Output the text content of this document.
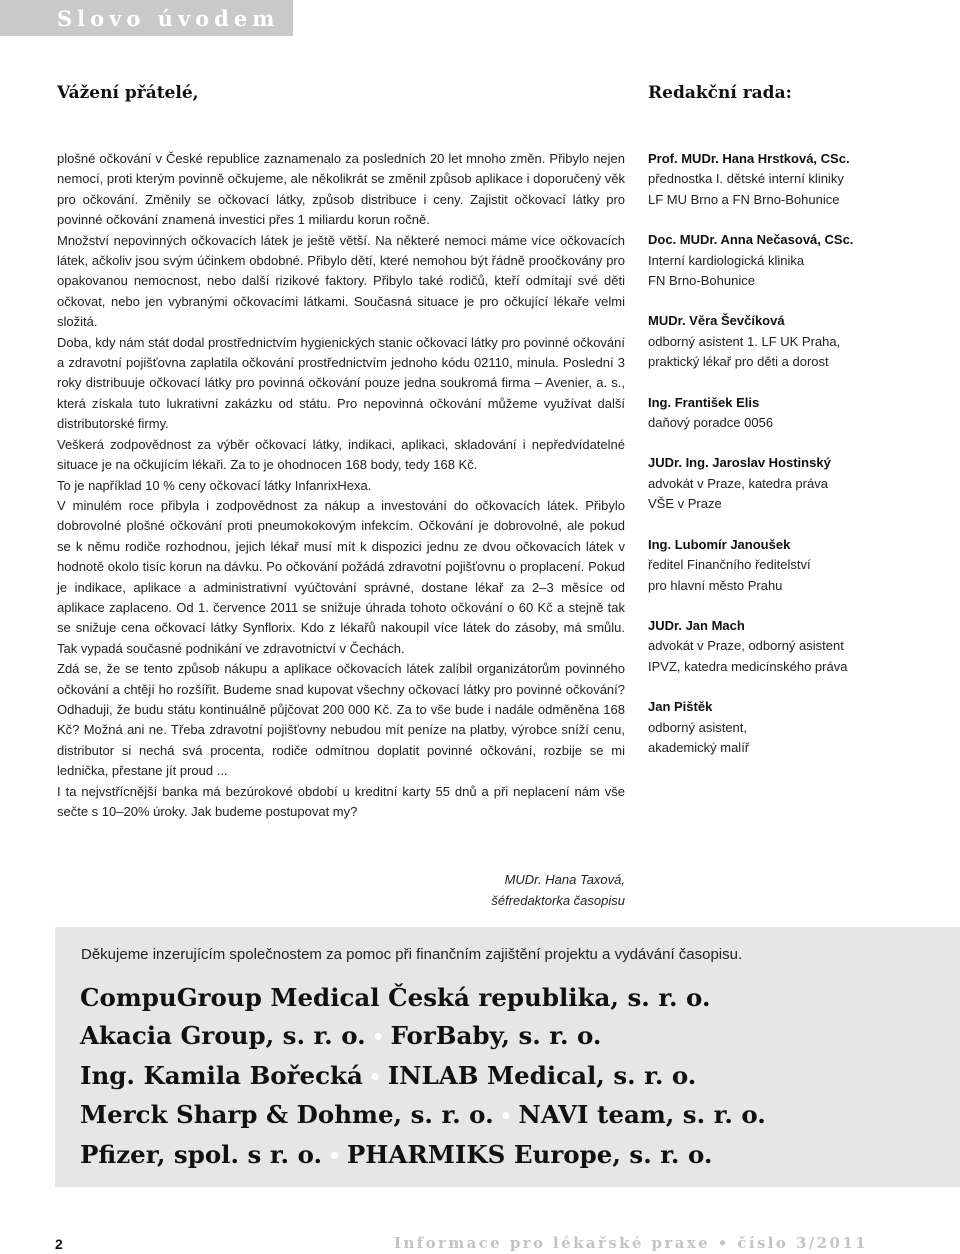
Slovo úvodem
Vážení přátelé,	Redakční rada:

plošné očkování v České republice zaznamenalo za posledních 20 let mnoho změn. Přibylo nejen nemocí, proti kterým povinně očkujeme, ale několikrát se změnil způsob aplikace i doporučený věk pro očkování. Změnily se očkovací látky, způsob distribuce i ceny. Zajistit očkovací látky pro povinné očkování znamená investici přes 1 miliardu korun ročně.

Množství nepovinných očkovacích látek je ještě větší. Na některé nemoci máme více očkovacích látek, ačkoliv jsou svým účinkem obdobné. Přibylo dětí, které nemohou být řádně proočkovány pro opakovanou nemocnost, nebo další rizikové faktory. Přibylo také rodičů, kteří odmítají své děti očkovat, nebo jen vybranými očkovacími látkami. Současná situace je pro očkující lékaře velmi složitá.

Doba, kdy nám stát dodal prostřednictvím hygienických stanic očkovací látky pro povinné očkování a zdravotní pojišťovna zaplatila očkování prostřednictvím jednoho kódu 02110, minula. Poslední 3 roky distribuuje očkovací látky pro povinná očkování pouze jedna soukromá firma – Avenier, a. s., která získala tuto lukrativní zakázku od státu. Pro nepovinná očkování můžeme využívat další distributorské firmy.

Veškerá zodpovědnost za výběr očkovací látky, indikaci, aplikaci, skladování i nepředvídatelné situace je na očkujícím lékaři. Za to je ohodnocen 168 body, tedy 168 Kč.

To je například 10 % ceny očkovací látky InfanrixHexa.

V minulém roce přibyla i zodpovědnost za nákup a investování do očkovacích látek. Přibylo dobrovolné plošné očkování proti pneumokokovým infekcím. Očkování je dobrovolné, ale pokud se k němu rodiče rozhodnou, jejich lékař musí mít k dispozici jednu ze dvou očkovacích látek v hodnotě okolo tisíc korun na dávku. Po očkování požádá zdravotní pojišťovnu o proplacení. Pokud je indikace, aplikace a administrativní vyúčtování správné, dostane lékař za 2–3 měsíce od aplikace zaplaceno. Od 1. července 2011 se snižuje úhrada tohoto očkování o 60 Kč a stejně tak se snižuje cena očkovací látky Synflorix. Kdo z lékařů nakoupil více látek do zásoby, má smůlu. Tak vypadá současné podnikání ve zdravotnictví v Čechách.

Zdá se, že se tento způsob nákupu a aplikace očkovacích látek zalíbil organizátorům povinného očkování a chtějí ho rozšířit. Budeme snad kupovat všechny očkovací látky pro povinné očkování? Odhaduji, že budu státu kontinuálně půjčovat 200 000 Kč. Za to vše bude i nadále odměněna 168 Kč? Možná ani ne. Třeba zdravotní pojišťovny nebudou mít peníze na platby, výrobce sníží cenu, distributor si nechá svá procenta, rodiče odmítnou doplatit povinné očkování, rozbije se mi lednička, přestane jít proud ...

I ta nejvstřícnější banka má bezúrokové období u kreditní karty 55 dnů a při neplacení nám vše sečte s 10–20% úroky. Jak budeme postupovat my?

MUDr. Hana Taxová,
šéfredaktorka časopisu
Prof. MUDr. Hana Hrstková, CSc.
přednostka I. dětské interní kliniky
LF MU Brno a FN Brno-Bohunice
Doc. MUDr. Anna Nečasová, CSc.
Interní kardiologická klinika
FN Brno-Bohunice
MUDr. Věra Ševčíková
odborný asistent 1. LF UK Praha,
praktický lékař pro děti a dorost
Ing. František Elis
daňový poradce 0056
JUDr. Ing. Jaroslav Hostinský
advokát v Praze, katedra práva
VŠE v Praze
Ing. Lubomír Janoušek
ředitel Finančního ředitelství
pro hlavní město Prahu
JUDr. Jan Mach
advokát v Praze, odborný asistent
IPVZ, katedra medicínského práva
Jan Pištěk
odborný asistent,
akademický malíř
Děkujeme inzerujícím společnostem za pomoc při finančním zajištění projektu a vydávání časopisu.
CompuGroup Medical Česká republika, s. r. o.
Akacia Group, s. r. o. • ForBaby, s. r. o.
Ing. Kamila Bořecká • INLAB Medical, s. r. o.
Merck Sharp & Dohme, s. r. o. • NAVI team, s. r. o.
Pfizer, spol. s r. o. • PHARMIKS Europe, s. r. o.
2	Informace pro lékařské praxe • číslo 3/2011
